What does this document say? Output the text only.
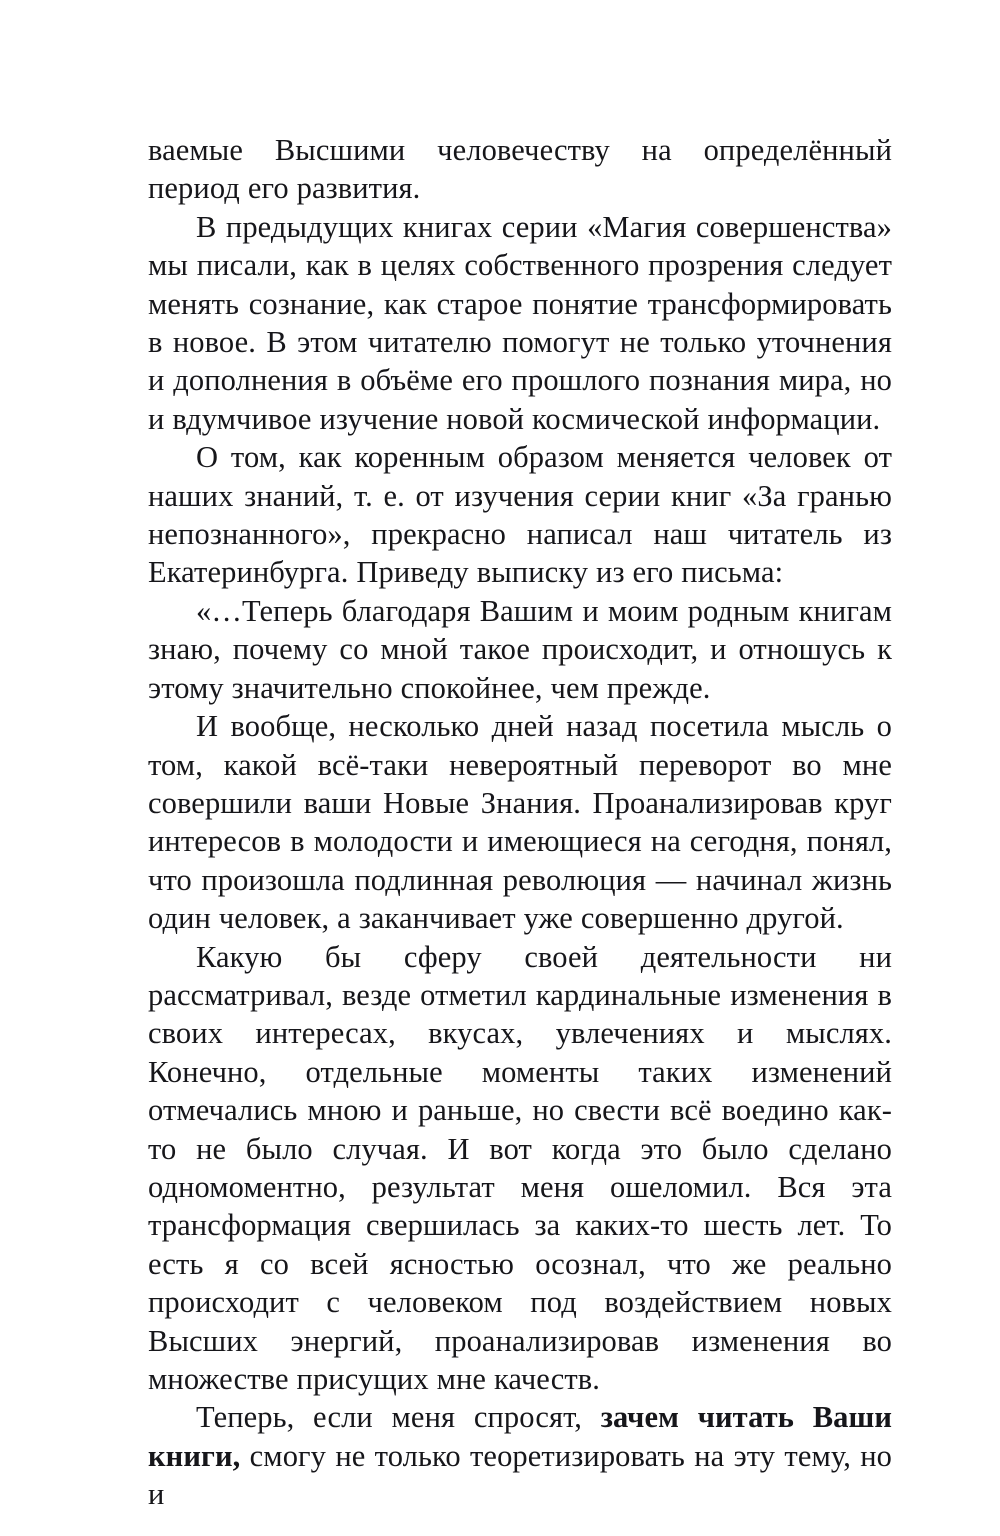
ваемые Высшими человечеству на определённый период его развития.

В предыдущих книгах серии «Магия совершенства» мы писали, как в целях собственного прозрения следует менять сознание, как старое понятие трансформировать в новое. В этом читателю помогут не только уточнения и дополнения в объёме его прошлого познания мира, но и вдумчивое изучение новой космической информации.

О том, как коренным образом меняется человек от наших знаний, т. е. от изучения серии книг «За гранью непознанного», прекрасно написал наш читатель из Екатеринбурга. Приведу выписку из его письма:

«…Теперь благодаря Вашим и моим родным книгам знаю, почему со мной такое происходит, и отношусь к этому значительно спокойнее, чем прежде.

И вообще, несколько дней назад посетила мысль о том, какой всё-таки невероятный переворот во мне совершили ваши Новые Знания. Проанализировав круг интересов в молодости и имеющиеся на сегодня, понял, что произошла подлинная революция — начинал жизнь один человек, а заканчивает уже совершенно другой.

Какую бы сферу своей деятельности ни рассматривал, везде отметил кардинальные изменения в своих интересах, вкусах, увлечениях и мыслях. Конечно, отдельные моменты таких изменений отмечались мною и раньше, но свести всё воедино как-то не было случая. И вот когда это было сделано одномоментно, результат меня ошеломил. Вся эта трансформация свершилась за каких-то шесть лет. То есть я со всей ясностью осознал, что же реально происходит с человеком под воздействием новых Высших энергий, проанализировав изменения во множестве присущих мне качеств.

Теперь, если меня спросят, зачем читать Ваши книги, смогу не только теоретизировать на эту тему, но и
